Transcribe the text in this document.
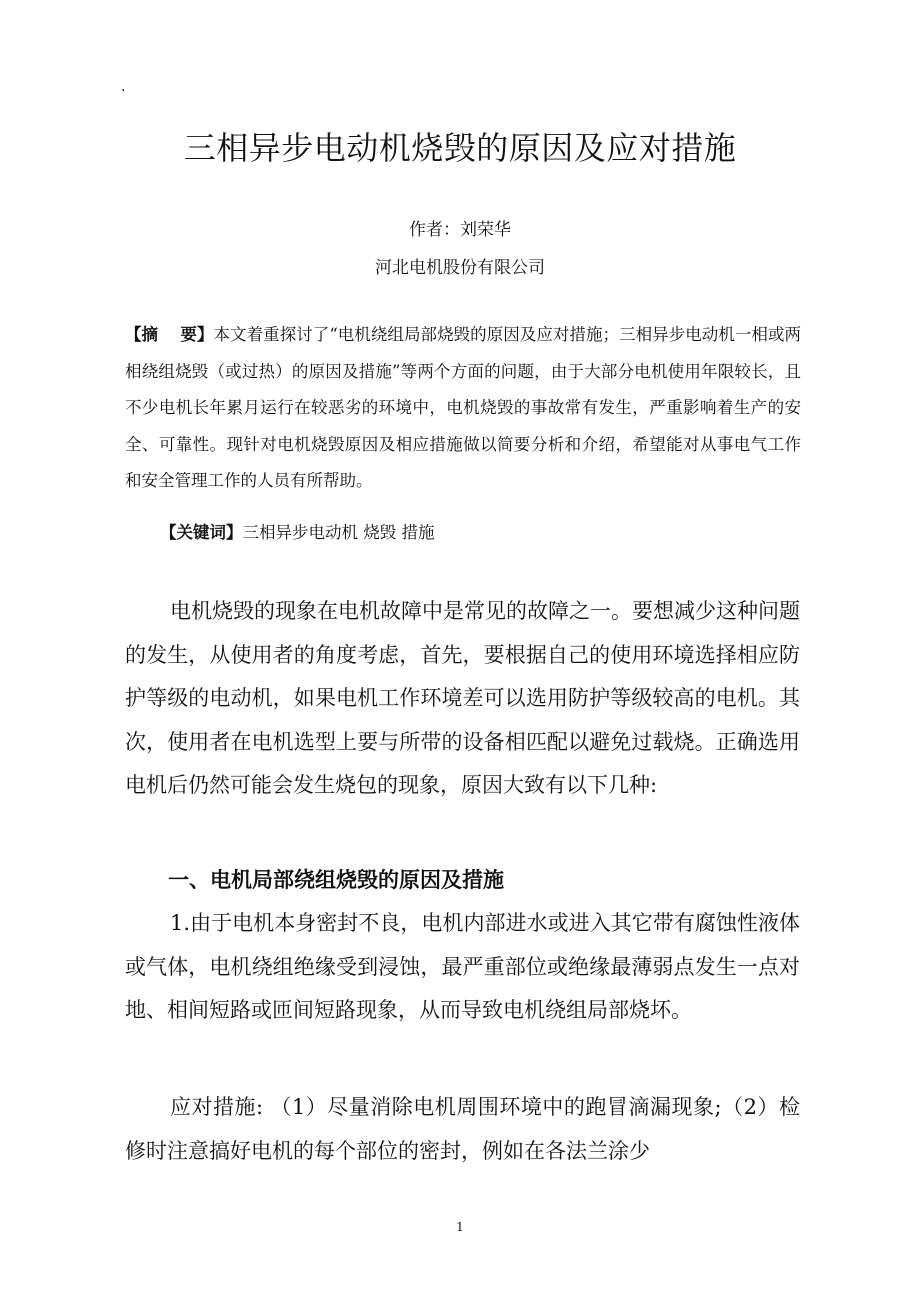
.
三相异步电动机烧毁的原因及应对措施
作者：刘荣华
河北电机股份有限公司

【摘　 要】本文着重探讨了“电机绕组局部烧毁的原因及应对措施；三相异步电动机一相或两相绕组烧毁（或过热）的原因及措施”等两个方面的问题，由于大部分电机使用年限较长，且不少电机长年累月运行在较恶劣的环境中，电机烧毁的事故常有发生，严重影响着生产的安全、可靠性。现针对电机烧毁原因及相应措施做以简要分析和介绍，希望能对从事电气工作和安全管理工作的人员有所帮助。

【关键词】三相异步电动机 烧毁 措施

电机烧毁的现象在电机故障中是常见的故障之一。要想减少这种问题的发生，从使用者的角度考虑，首先，要根据自己的使用环境选择相应防护等级的电动机，如果电机工作环境差可以选用防护等级较高的电机。其次，使用者在电机选型上要与所带的设备相匹配以避免过载烧。正确选用电机后仍然可能会发生烧包的现象，原因大致有以下几种:

一、电机局部绕组烧毁的原因及措施

1.由于电机本身密封不良，电机内部进水或进入其它带有腐蚀性液体或气体，电机绕组绝缘受到浸蚀，最严重部位或绝缘最薄弱点发生一点对地、相间短路或匝间短路现象，从而导致电机绕组局部烧坏。

应对措施: （1）尽量消除电机周围环境中的跑冒滴漏现象;（2）检修时注意搞好电机的每个部位的密封，例如在各法兰涂少

1
